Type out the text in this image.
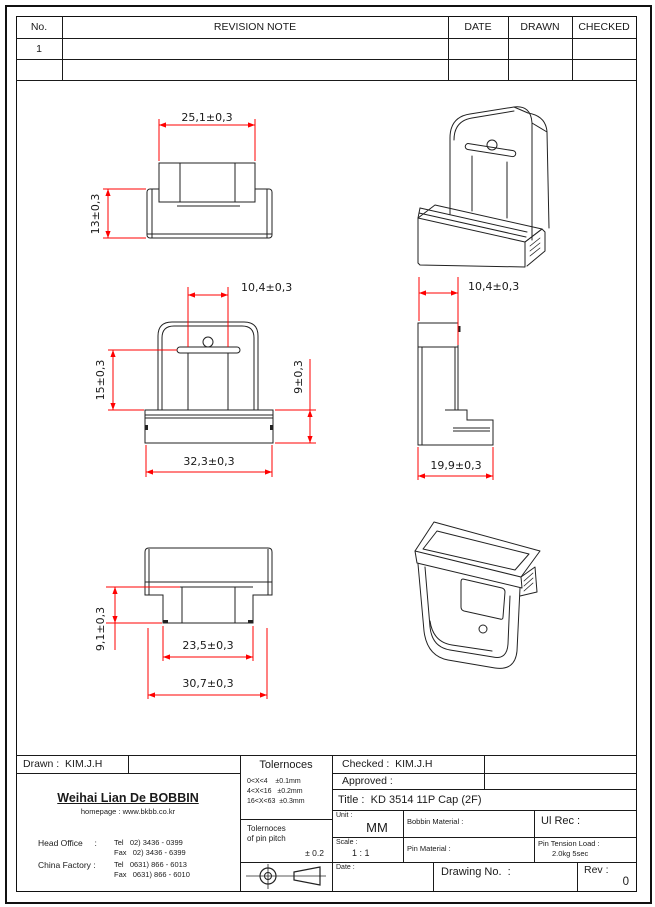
No.	REVISION NOTE	DATE	DRAWN	CHECKED
1
25,1±0,3
13±0,3
10,4±0,3
15±0,3	9±0,3
32,3±0,3
10,4±0,3
19,9±0,3
9,1±0,3	23,5±0,3
30,7±0,3
Drawn :
KIM.J.H
Weihai Lian De BOBBIN
homepage : www.bkbb.co.kr
Head Office     : Tel   02) 3436 - 0399
Fax   02) 3436 - 6399
China Factory : Tel   0631) 866 - 6013
Fax   0631) 866 - 6010
Tolernoces
0<X<4    ±0.1mm
4<X<16   ±0.2mm
16<X<63  ±0.3mm
Tolernoces
of pin pitch
± 0.2
Checked :
KIM.J.H
Approved :
Title :
KD 3514 11P Cap (2F)
Unit :
MM	Bobbin Material :	Ul Rec :
Scale :
1 : 1	Pin Material :
Pin Tension Load :
2.0kg 5sec
Date :	Drawing No.  :	Rev :
0
